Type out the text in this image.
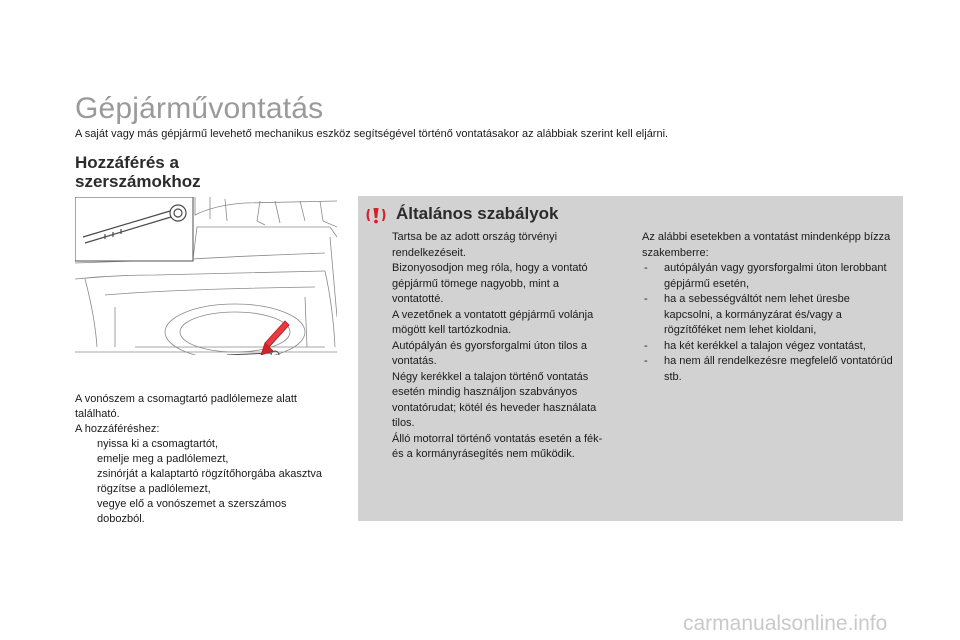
Gépjárművontatás

A saját vagy más gépjármű levehető mechanikus eszköz segítségével történő vontatásakor az alábbiak szerint kell eljárni.

Hozzáférés a szerszámokhoz

A vonószem a csomagtartó padlólemeze alatt található.

A hozzáféréshez:

nyissa ki a csomagtartót,
emelje meg a padlólemezt,
zsinórját a kalaptartó rögzítőhorgába akasztva rögzítse a padlólemezt,
vegye elő a vonószemet a szerszámos dobozból.
Általános szabályok

Tartsa be az adott ország törvényi rendelkezéseit.

Bizonyosodjon meg róla, hogy a vontató gépjármű tömege nagyobb, mint a vontatotté.

A vezetőnek a vontatott gépjármű volánja mögött kell tartózkodnia.

Autópályán és gyorsforgalmi úton tilos a vontatás.

Négy kerékkel a talajon történő vontatás esetén mindig használjon szabványos vontatórudat; kötél és heveder használata tilos.

Álló motorral történő vontatás esetén a fék- és a kormányrásegítés nem működik.

Az alábbi esetekben a vontatást mindenképp bízza szakemberre:

- autópályán vagy gyorsforgalmi úton lerobbant gépjármű esetén,
- ha a sebességváltót nem lehet üresbe kapcsolni, a kormányzárat és/vagy a rögzítőféket nem lehet kioldani,
- ha két kerékkel a talajon végez vontatást,
- ha nem áll rendelkezésre megfelelő vontatórúd stb.

carmanualsonline.info
